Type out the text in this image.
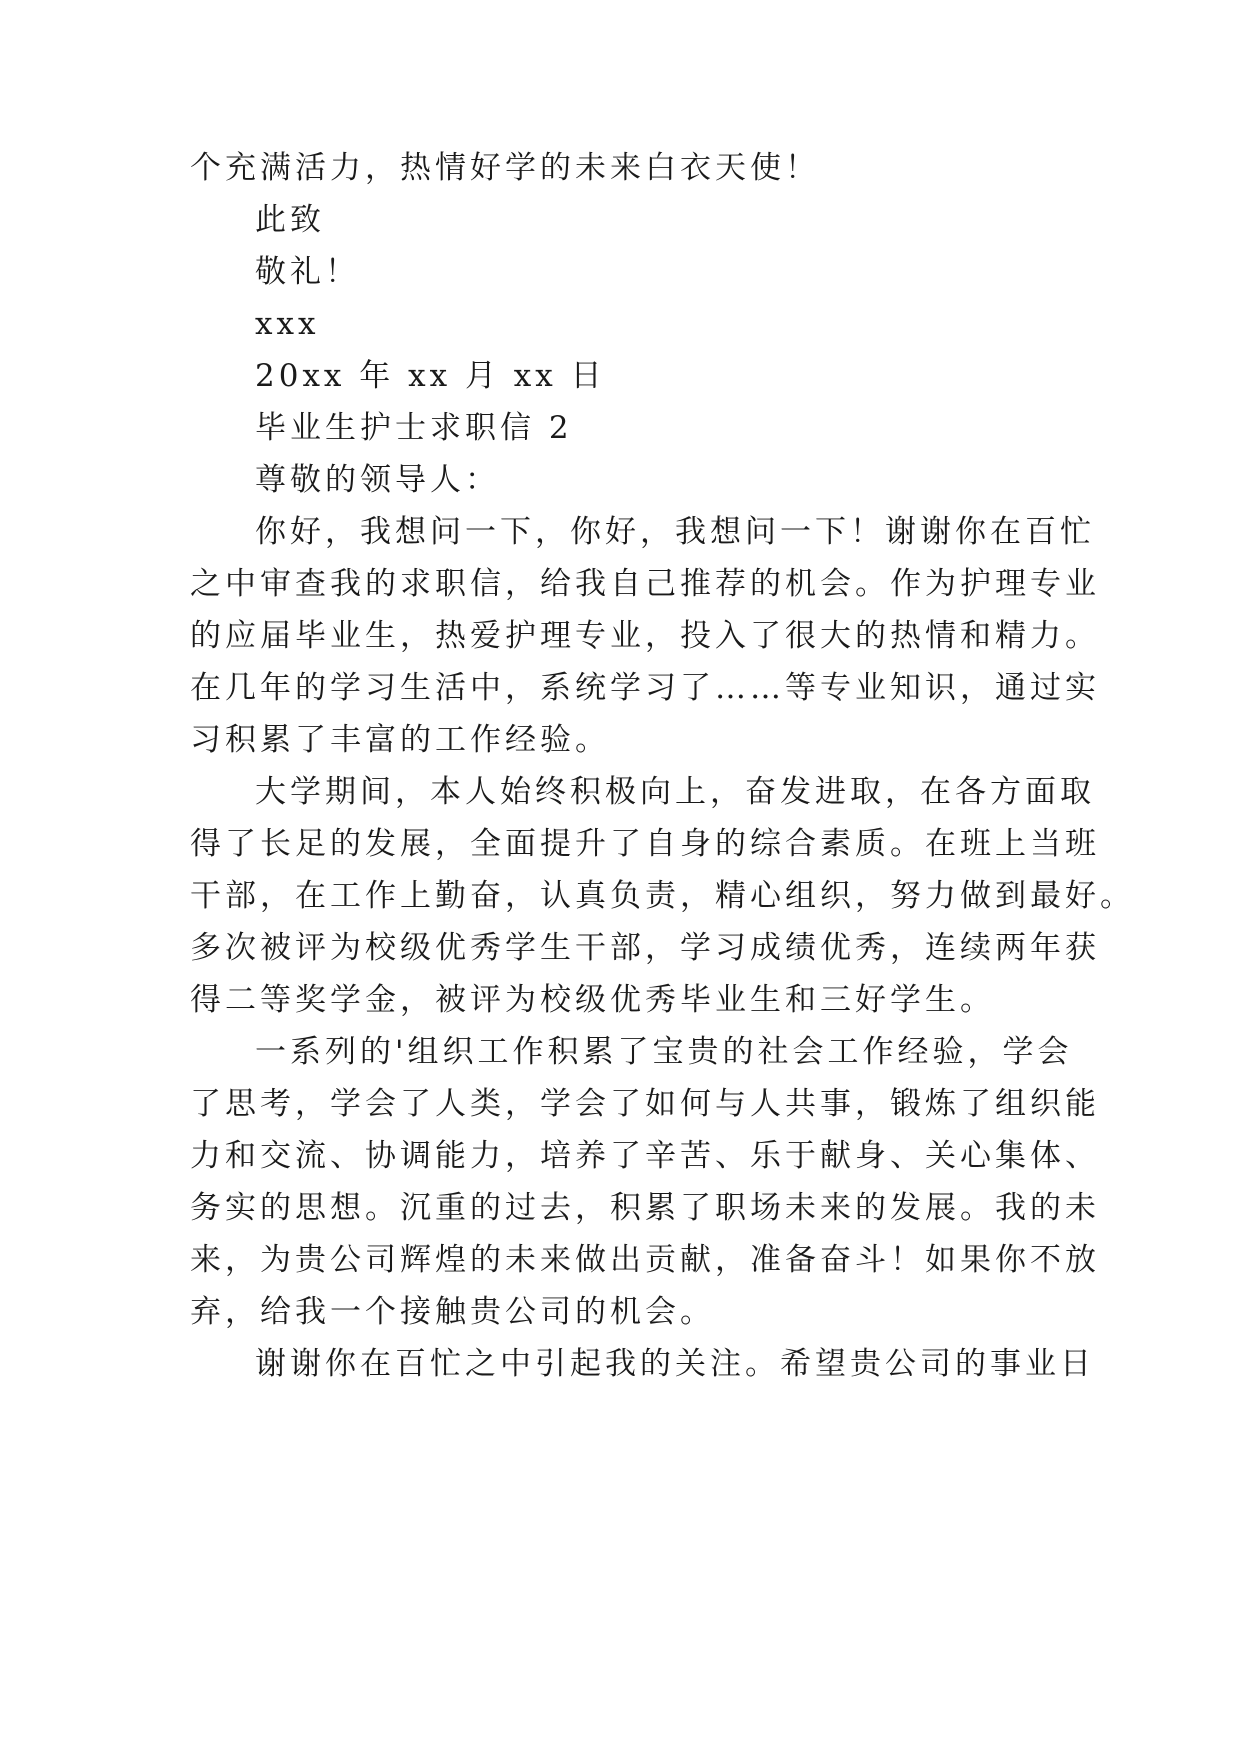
个充满活力，热情好学的未来白衣天使！
此致
敬礼！
xxx
20xx 年 xx 月 xx 日
毕业生护士求职信 2
尊敬的领导人：
你好，我想问一下，你好，我想问一下！谢谢你在百忙
之中审查我的求职信，给我自己推荐的机会。作为护理专业
的应届毕业生，热爱护理专业，投入了很大的热情和精力。
在几年的学习生活中，系统学习了……等专业知识，通过实
习积累了丰富的工作经验。
大学期间，本人始终积极向上，奋发进取，在各方面取
得了长足的发展，全面提升了自身的综合素质。在班上当班
干部，在工作上勤奋，认真负责，精心组织，努力做到最好。
多次被评为校级优秀学生干部，学习成绩优秀，连续两年获
得二等奖学金，被评为校级优秀毕业生和三好学生。
一系列的'组织工作积累了宝贵的社会工作经验，学会
了思考，学会了人类，学会了如何与人共事，锻炼了组织能
力和交流、协调能力，培养了辛苦、乐于献身、关心集体、
务实的思想。沉重的过去，积累了职场未来的发展。我的未
来，为贵公司辉煌的未来做出贡献，准备奋斗！如果你不放
弃，给我一个接触贵公司的机会。
谢谢你在百忙之中引起我的关注。希望贵公司的事业日
